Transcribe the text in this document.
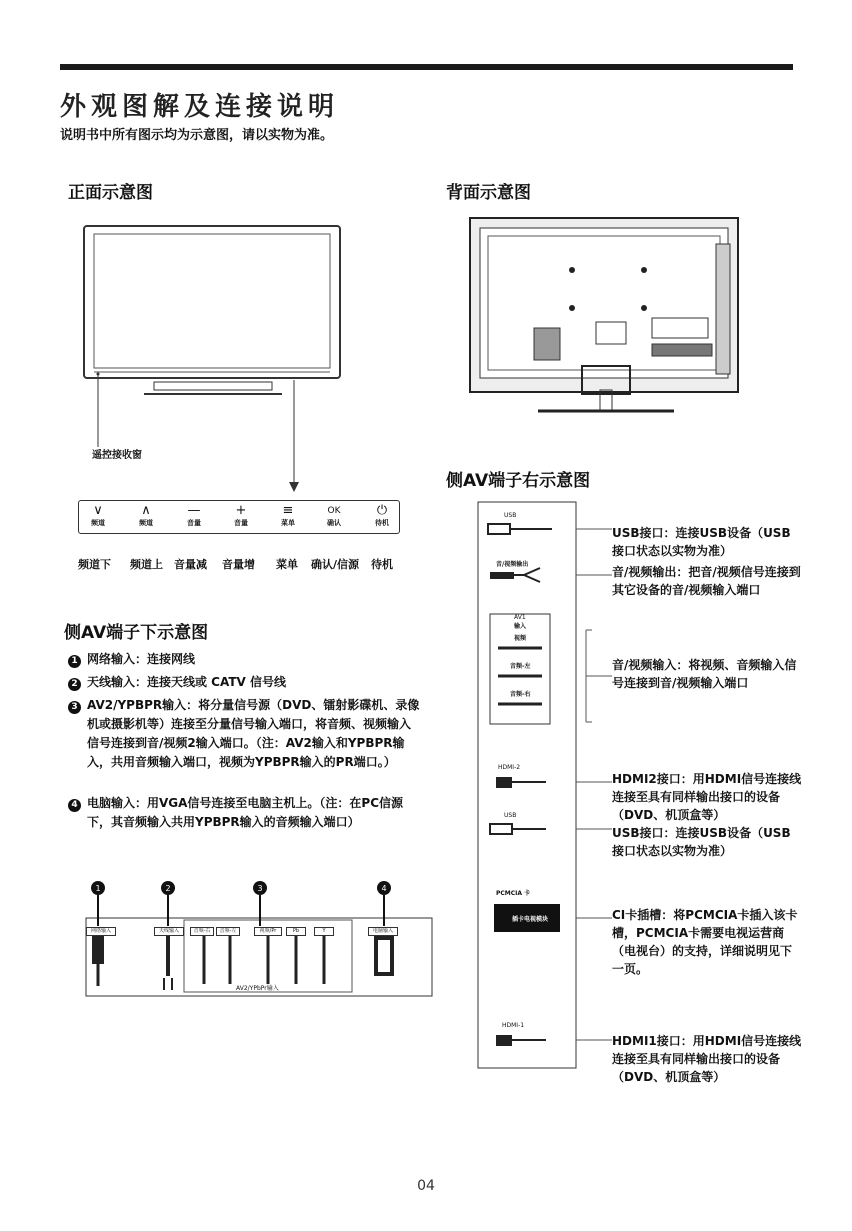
外观图解及连接说明
说明书中所有图示均为示意图，请以实物为准。
正面示意图
遥控接收窗
∨
频道
∧
频道
—
音量
+
音量
≡
菜单
OK
确认
⏻
待机
频道下 频道上 音量减 音量增 菜单 确认/信源 待机
背面示意图
侧AV端子下示意图
1 网络输入：连接网线
2 天线输入：连接天线或 CATV 信号线
3 AV2/YPBPR输入：将分量信号源（DVD、镭射影碟机、录像机或摄影机等）连接至分量信号输入端口，将音频、视频输入信号连接到音/视频2输入端口。（注：AV2输入和YPBPR输入，共用音频输入端口，视频为YPBPR输入的PR端口。）
4 电脑输入：用VGA信号连接至电脑主机上。（注：在PC信源下，其音频输入共用YPBPR输入的音频输入端口）
1	2	3	4
网络输入	天线输入	音频-右	音频-左	视频/Pr	Pb	Y	电脑输入
AV2/YPbPr输入
侧AV端子右示意图
USB
音/视频输出
AV1
输入
视频
音频-左
音频-右
HDMI-2
USB
PCMCIA 卡
插卡电视模块
HDMI-1
USB接口：连接USB设备（USB接口状态以实物为准）
音/视频输出：把音/视频信号连接到其它设备的音/视频输入端口
音/视频输入：将视频、音频输入信号连接到音/视频输入端口
HDMI2接口：用HDMI信号连接线连接至具有同样输出接口的设备（DVD、机顶盒等）
USB接口：连接USB设备（USB接口状态以实物为准）
CI卡插槽：将PCMCIA卡插入该卡槽，PCMCIA卡需要电视运营商（电视台）的支持，详细说明见下一页。
HDMI1接口：用HDMI信号连接线连接至具有同样输出接口的设备（DVD、机顶盒等）
04
